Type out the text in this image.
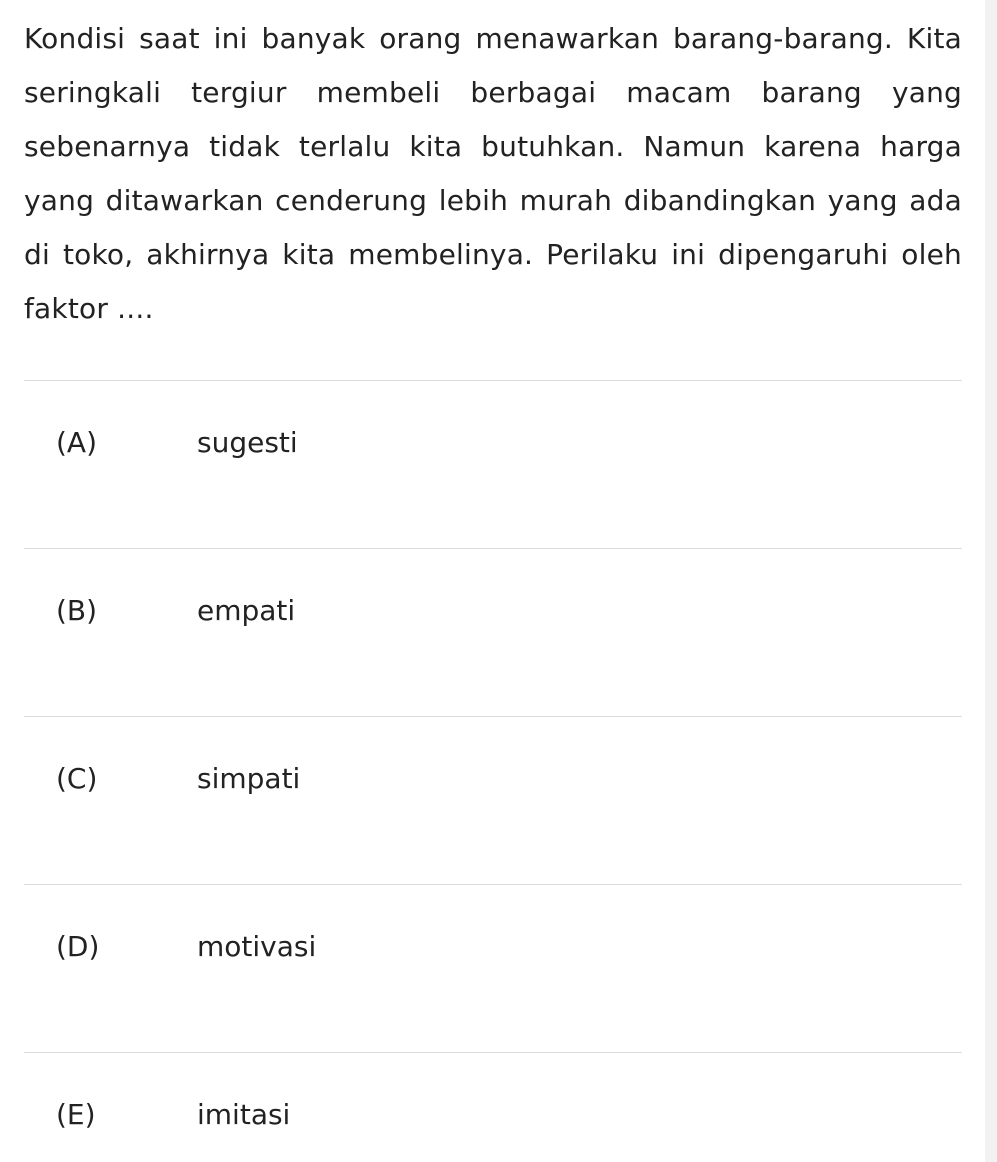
Kondisi saat ini banyak orang menawarkan barang-barang. Kita seringkali tergiur membeli berbagai macam barang yang sebenarnya tidak terlalu kita butuhkan. Namun karena harga yang ditawarkan cenderung lebih murah dibandingkan yang ada di toko, akhirnya kita membelinya. Perilaku ini dipengaruhi oleh faktor ....

(A)	sugesti
(B)	empati
(C)	simpati
(D)	motivasi
(E)	imitasi
